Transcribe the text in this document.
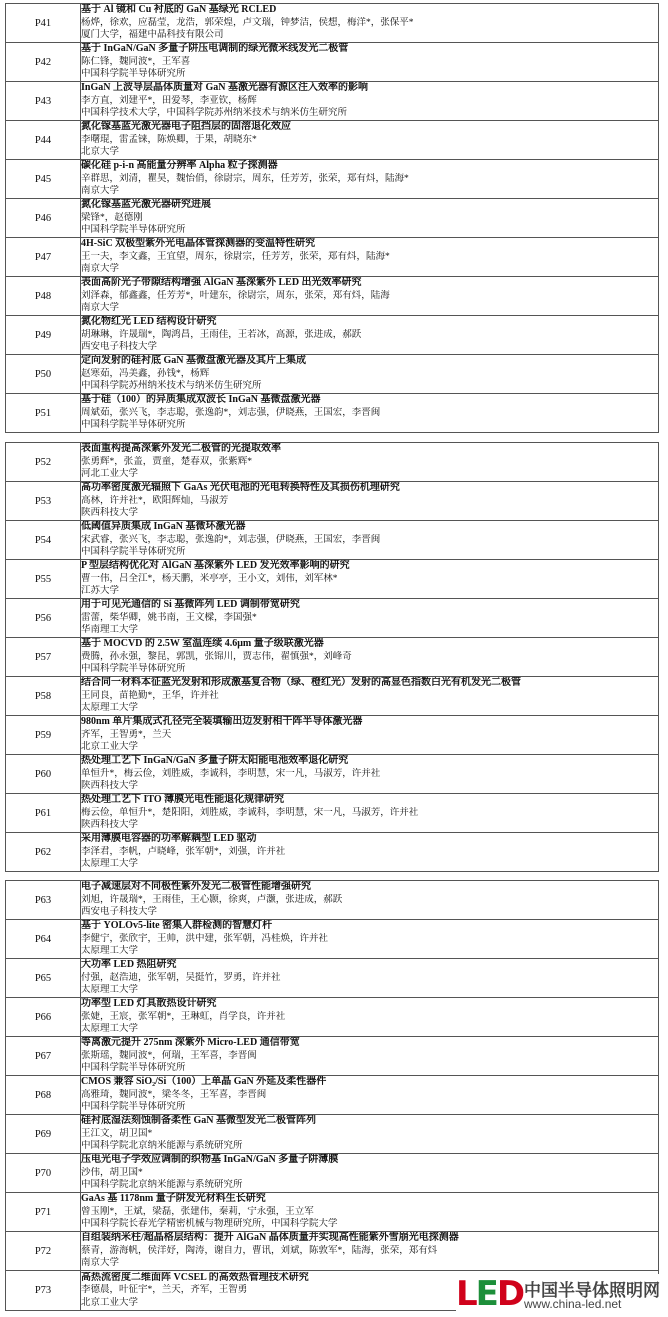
P41	基于 Al 镜和 Cu 衬底的 GaN 基绿光 RCLED
杨烨，徐欢，应磊莹，龙浩，郭荣煌，卢文瑞，钟梦洁，侯想，梅洋*，张保平*
厦门大学，福建中晶科技有限公司

P42	基于 InGaN/GaN 多量子阱压电调制的绿光微米线发光二极管
陈仁锋，魏同波*，王军喜
中国科学院半导体研究所

P43	InGaN 上波导层晶体质量对 GaN 基激光器有源区注入效率的影响
李方直，刘建平*，田爱琴，李亚钦，杨辉
中国科学技术大学，中国科学院苏州纳米技术与纳米仿生研究所

P44	氮化镓基蓝光激光器电子阻挡层的固溶退化效应
李曙琨，雷孟铼，陈焕卿，于果，胡晓东*
北京大学

P45	碳化硅 p-i-n 高能量分辨率 Alpha 粒子探测器
辛群思，刘清，瞿昊，魏怡俏，徐尉宗，周东，任芳芳，张荣，郑有炓，陆海*
南京大学

P46	氮化镓基蓝光激光器研究进展
梁锋*，赵德刚
中国科学院半导体研究所

P47	4H-SiC 双极型紫外光电晶体管探测器的变温特性研究
王一夫，李文鑫，王宜望，周东，徐尉宗，任芳芳，张荣，郑有炓，陆海*
南京大学

P48	表面高阶光子带隙结构增强 AlGaN 基深紫外 LED 出光效率研究
刘泽森，郁鑫鑫，任芳芳*，叶建东，徐尉宗，周东，张荣，郑有炓，陆海
南京大学

P49	氮化物红光 LED 结构设计研究
胡琳琳，许晟瑞*，陶鸿昌，王雨佳，王若冰，高源，张进成，郝跃
西安电子科技大学

P50	定向发射的硅衬底 GaN 基微盘激光器及其片上集成
赵寒茹，冯美鑫，孙钱*，杨辉
中国科学院苏州纳米技术与纳米仿生研究所

P51	基于硅（100）的异质集成双波长 InGaN 基微盘激光器
周斌茹，张兴飞，李志聪，张逸韵*，刘志强，伊晓燕，王国宏，李晋闽
中国科学院半导体研究所
P52	表面重构提高深紫外发光二极管的光提取效率
张勇辉*，张盖，贾童，楚春双，张紫辉*
河北工业大学

P53	高功率密度激光辐照下 GaAs 光伏电池的光电转换特性及其损伤机理研究
高林，许并社*，欧阳辉灿，马淑芳
陕西科技大学

P54	低阈值异质集成 InGaN 基微环激光器
宋武睿，张兴飞，李志聪，张逸韵*，刘志强，伊晓燕，王国宏，李晋闽
中国科学院半导体研究所

P55	P 型层结构优化对 AlGaN 基深紫外 LED 发光效率影响的研究
曹一伟，吕全江*，杨天鹏，米亭亭，王小文，刘伟，刘军林*
江苏大学

P56	用于可见光通信的 Si 基微阵列 LED 调制带宽研究
雷蕾，柴华卿，姚书南，王文樑，李国强*
华南理工大学

P57	基于 MOCVD 的 2.5W 室温连续 4.6μm 量子级联激光器
费腾，孙永强，黎昆，郭凯，张锦川，贾志伟，翟慎强*，刘峰奇
中国科学院半导体研究所

P58	结合同一材料本征蓝光发射和形成激基复合物（绿、橙红光）发射的高显色指数白光有机发光二极管
王同良，苗艳勤*，王华，许并社
太原理工大学

P59	980nm 单片集成式孔径完全装填输出边发射相干阵半导体激光器
齐军，王智勇*，兰天
北京工业大学

P60	热处理工艺下 InGaN/GaN 多量子阱太阳能电池效率退化研究
单恒升*，梅云俭，刘胜威，李诚科，李明慧，宋一凡，马淑芳，许并社
陕西科技大学

P61	热处理工艺下 ITO 薄膜光电性能退化规律研究
梅云俭，单恒升*，楚阳阳，刘胜威，李诚科，李明慧，宋一凡，马淑芳，许并社
陕西科技大学

P62	采用薄膜电容器的功率解耦型 LED 驱动
李泽君，李帆，卢晓峰，张军朝*，刘强，许并社
太原理工大学
P63	电子减速层对不同极性紫外发光二极管性能增强研究
刘旭，许晟瑞*，王雨佳，王心颢，徐爽，卢灏，张进成，郝跃
西安电子科技大学

P64	基于 YOLOv5-lite 密集人群检测的智慧灯杆
李健宁，张欣宇，王帅，洪中建，张军朝，冯桂焕，许并社
太原理工大学

P65	大功率 LED 热阻研究
付强，赵浩迪，张军朝，吴挺竹，罗勇，许并社
太原理工大学

P66	功率型 LED 灯具散热设计研究
张婕，王宸，张军朝*，王琳虹，肖学良，许并社
太原理工大学

P67	等离激元提升 275nm 深紫外 Micro-LED 通信带宽
张斯瑶，魏同波*，何瑞，王军喜，李晋闽
中国科学院半导体研究所

P68	CMOS 兼容 SiO₂/Si（100）上单晶 GaN 外延及柔性器件
高雅琦，魏同波*，梁冬冬，王军喜，李晋闽
中国科学院半导体研究所

P69	硅衬底湿法刻蚀制备柔性 GaN 基微型发光二极管阵列
王江文，胡卫国*
中国科学院北京纳米能源与系统研究所

P70	压电光电子学效应调制的织物基 InGaN/GaN 多量子阱薄膜
沙伟，胡卫国*
中国科学院北京纳米能源与系统研究所

P71	GaAs 基 1178nm 量子阱发光材料生长研究
曾玉刚*，王斌，梁磊，张建伟，秦莉，宁永强，王立军
中国科学院长春光学精密机械与物理研究所，中国科学院大学

P72	自组装纳米柱/超晶格层结构：提升 AlGaN 晶体质量并实现高性能紫外雪崩光电探测器
蔡青，游海帆，侯洋妤，陶涛，谢自力，曹讯，刘斌，陈敦军*，陆海，张荣，郑有炓
南京大学

P73	高热流密度二维面阵 VCSEL 的高效热管理技术研究
李德晨，叶征宇*，兰天，齐军，王智勇
北京工业大学	LED 中国半导体照明网
www.china-led.net
